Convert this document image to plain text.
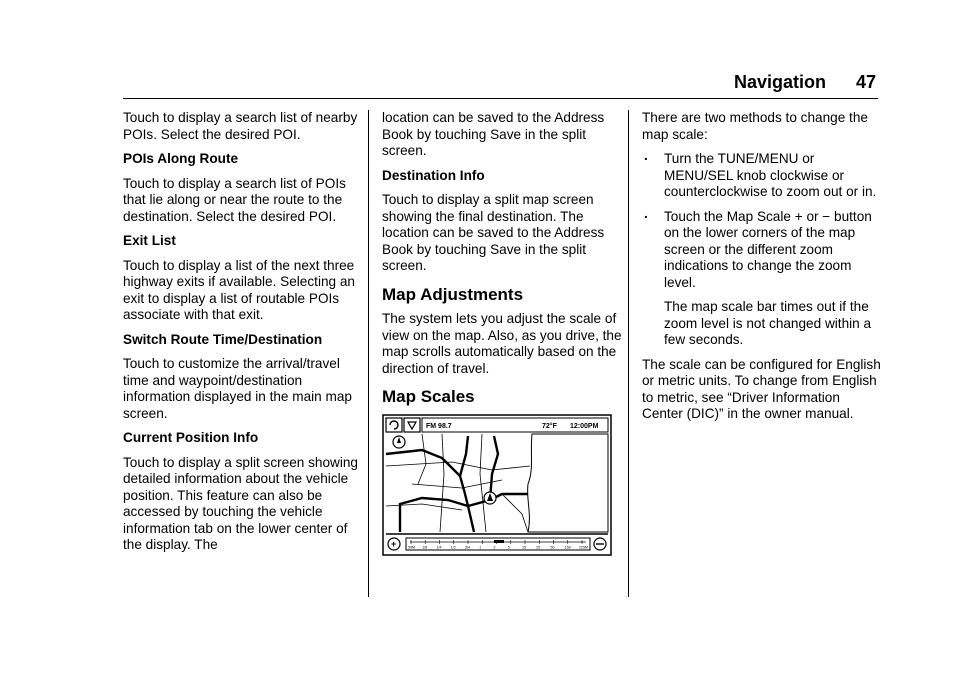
Navigation 47

Touch to display a search list of nearby POIs. Select the desired POI.

POIs Along Route

Touch to display a search list of POIs that lie along or near the route to the destination. Select the desired POI.

Exit List

Touch to display a list of the next three highway exits if available. Selecting an exit to display a list of routable POIs associate with that exit.

Switch Route Time/Destination

Touch to customize the arrival/travel time and waypoint/destination information displayed in the main map screen.

Current Position Info

Touch to display a split screen showing detailed information about the vehicle position. This feature can also be accessed by touching the vehicle information tab on the lower center of the display. The

location can be saved to the Address Book by touching Save in the split screen.

Destination Info

Touch to display a split map screen showing the final destination. The location can be saved to the Address Book by touching Save in the split screen.

Map Adjustments

The system lets you adjust the scale of view on the map. Also, as you drive, the map scrolls automatically based on the direction of travel.

Map Scales
FM 98.7	72°F 12:00PM
+	50M 1/8	1/4	1/2	3/4	1	2	5	15	25	50	150 225M

There are two methods to change the map scale:

. Turn the TUNE/MENU or MENU/SEL knob clockwise or counterclockwise to zoom out or in.
. Touch the Map Scale + or − button on the lower corners of the map screen or the different zoom indications to change the zoom level.

The map scale bar times out if the zoom level is not changed within a few seconds.

The scale can be configured for English or metric units. To change from English to metric, see “Driver Information Center (DIC)” in the owner manual.
